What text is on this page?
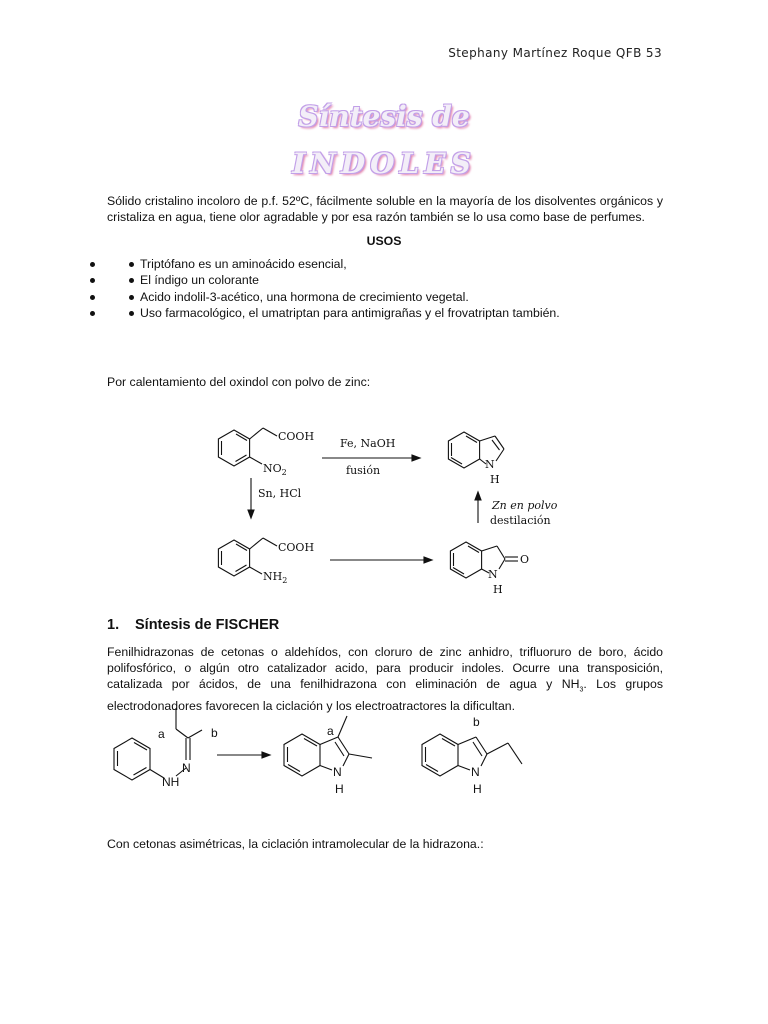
Stephany Martínez Roque QFB 53
Síntesis de
INDOLES
Sólido cristalino incoloro de p.f. 52ºC, fácilmente soluble en la mayoría de los disolventes orgánicos y cristaliza en agua, tiene olor agradable y por esa razón también se lo usa como base de perfumes.
USOS
Triptófano es un aminoácido esencial,
El índigo un colorante
Acido indolil-3-acético, una hormona de crecimiento vegetal.
Uso farmacológico, el umatriptan para antimigrañas y el frovatriptan también.
Por calentamiento del oxindol con polvo de zinc:
1. Síntesis de FISCHER
Fenilhidrazonas de cetonas o aldehídos, con cloruro de zinc anhidro, trifluoruro de boro, ácido polifosfórico, o algún otro catalizador acido, para producir indoles. Ocurre una transposición, catalizada por ácidos, de una fenilhidrazona con eliminación de agua y $NH_3$. Los grupos electrodonadores favorecen la ciclación y los electroatractores la dificultan.
Con cetonas asimétricas, la ciclación intramolecular de la hidrazona.:
COOH
$NO_2$
Fe, NaOH
fusión
Sn, HCl
N
H
Zn en polvo
destilación
COOH
$NH_2$	N
H
O
a	b
N
NH
a
N
H
b
N
H
